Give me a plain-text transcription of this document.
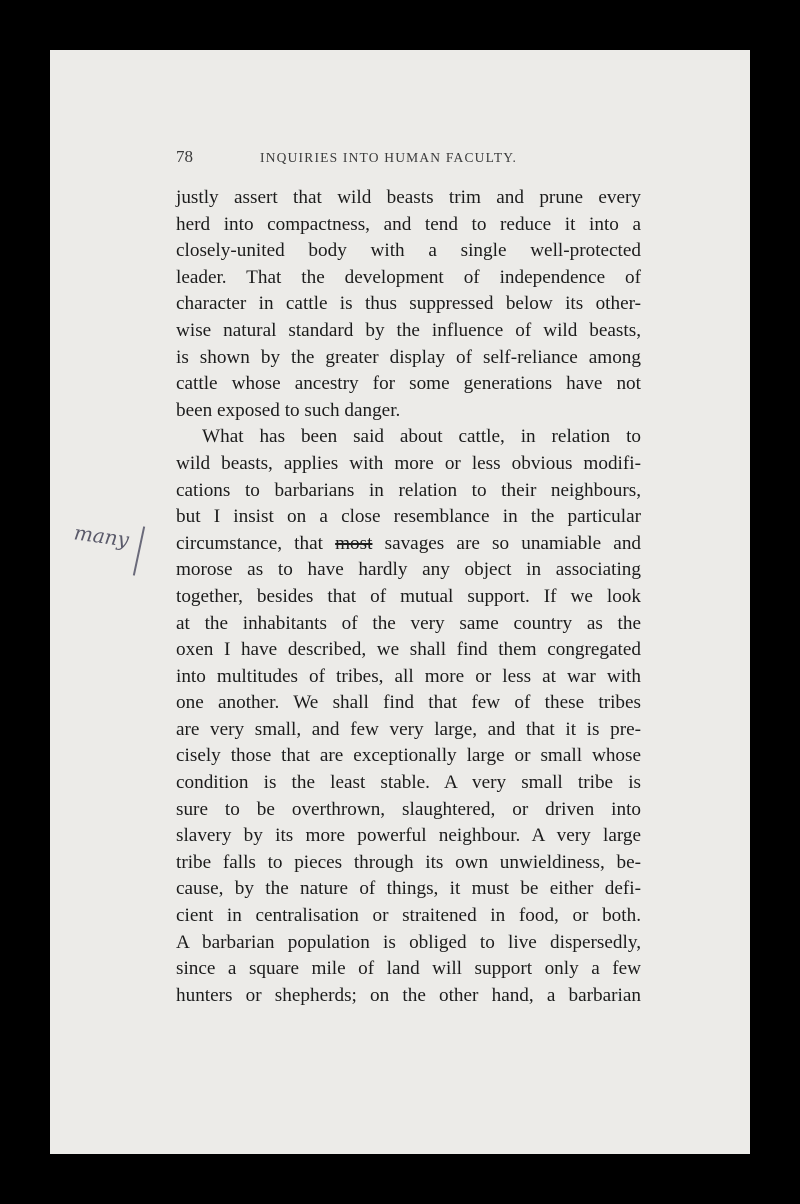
78	INQUIRIES INTO HUMAN FACULTY.
many
justly assert that wild beasts trim and prune every
herd into compactness, and tend to reduce it into a
closely-united body with a single well-protected
leader. That the development of independence of
character in cattle is thus suppressed below its other-
wise natural standard by the influence of wild beasts,
is shown by the greater display of self-reliance among
cattle whose ancestry for some generations have not
been exposed to such danger.
What has been said about cattle, in relation to
wild beasts, applies with more or less obvious modifi-
cations to barbarians in relation to their neighbours,
but I insist on a close resemblance in the particular
circumstance, that most savages are so unamiable and
morose as to have hardly any object in associating
together, besides that of mutual support. If we look
at the inhabitants of the very same country as the
oxen I have described, we shall find them congregated
into multitudes of tribes, all more or less at war with
one another. We shall find that few of these tribes
are very small, and few very large, and that it is pre-
cisely those that are exceptionally large or small whose
condition is the least stable. A very small tribe is
sure to be overthrown, slaughtered, or driven into
slavery by its more powerful neighbour. A very large
tribe falls to pieces through its own unwieldiness, be-
cause, by the nature of things, it must be either defi-
cient in centralisation or straitened in food, or both.
A barbarian population is obliged to live dispersedly,
since a square mile of land will support only a few
hunters or shepherds; on the other hand, a barbarian
